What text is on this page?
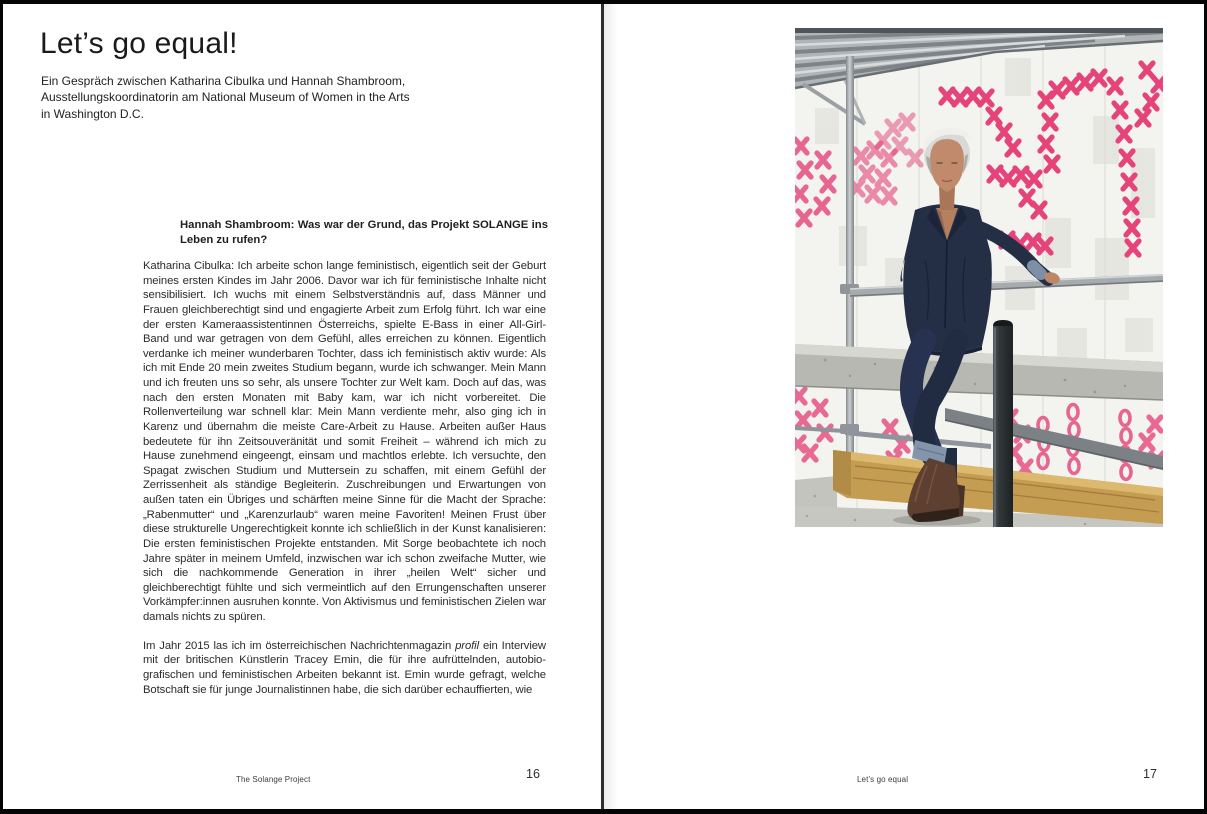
Let’s go equal!
Ein Gespräch zwischen Katharina Cibulka und Hannah Shambroom,
Ausstellungskoordinatorin am National Museum of Women in the Arts
in Washington D.C.
Hannah Shambroom: Was war der Grund, das Projekt SOLANGE ins Leben zu rufen?

Katharina Cibulka: Ich arbeite schon lange feministisch, eigentlich seit der Geburt meines ersten Kindes im Jahr 2006. Davor war ich für feministische Inhalte nicht sensibilisiert. Ich wuchs mit einem Selbstverständnis auf, dass Männer und Frauen gleichberechtigt sind und engagierte Arbeit zum Erfolg führt. Ich war eine der ersten Kameraassistentinnen Österreichs, spielte E-Bass in einer All-Girl-Band und war getragen von dem Gefühl, alles erreichen zu können. Eigentlich verdanke ich meiner wunderbaren Tochter, dass ich feministisch aktiv wurde: Als ich mit Ende 20 mein zweites Studium begann, wurde ich schwanger. Mein Mann und ich freuten uns so sehr, als unsere Tochter zur Welt kam. Doch auf das, was nach den ersten Monaten mit Baby kam, war ich nicht vorbereitet. Die Rollenverteilung war schnell klar: Mein Mann verdiente mehr, also ging ich in Karenz und übernahm die meiste Care-Arbeit zu Hause. Arbeiten außer Haus bedeutete für ihn Zeitsouveränität und somit Freiheit – während ich mich zu Hause zunehmend eingeengt, einsam und machtlos erlebte. Ich versuchte, den Spagat zwischen Studium und Muttersein zu schaffen, mit einem Gefühl der Zerrissenheit als ständige Begleiterin. Zuschreibungen und Erwartungen von außen taten ein Übriges und schärften meine Sinne für die Macht der Sprache: „Rabenmutter“ und „Karenzurlaub“ waren meine Favoriten! Meinen Frust über diese strukturelle Ungerechtigkeit konnte ich schließlich in der Kunst kanalisieren: Die ersten feministischen Projekte entstanden. Mit Sorge beobachtete ich noch Jahre später in meinem Umfeld, inzwischen war ich schon zweifache Mutter, wie sich die nachkommende Generation in ihrer „heilen Welt“ sicher und gleichberechtigt fühlte und sich vermeintlich auf den Errungenschaften unserer Vorkämpfer:innen ausruhen konnte. Von Aktivismus und feministischen Zielen war damals nichts zu spüren.

Im Jahr 2015 las ich im österreichischen Nachrichtenmagazin profil ein Interview mit der britischen Künstlerin Tracey Emin, die für ihre aufrüttelnden, autobiografischen und feministischen Arbeiten bekannt ist. Emin wurde gefragt, welche Botschaft sie für junge Journalistinnen habe, die sich darüber echauffierten, wie

The Solange Project	16	Let’s go equal	17
